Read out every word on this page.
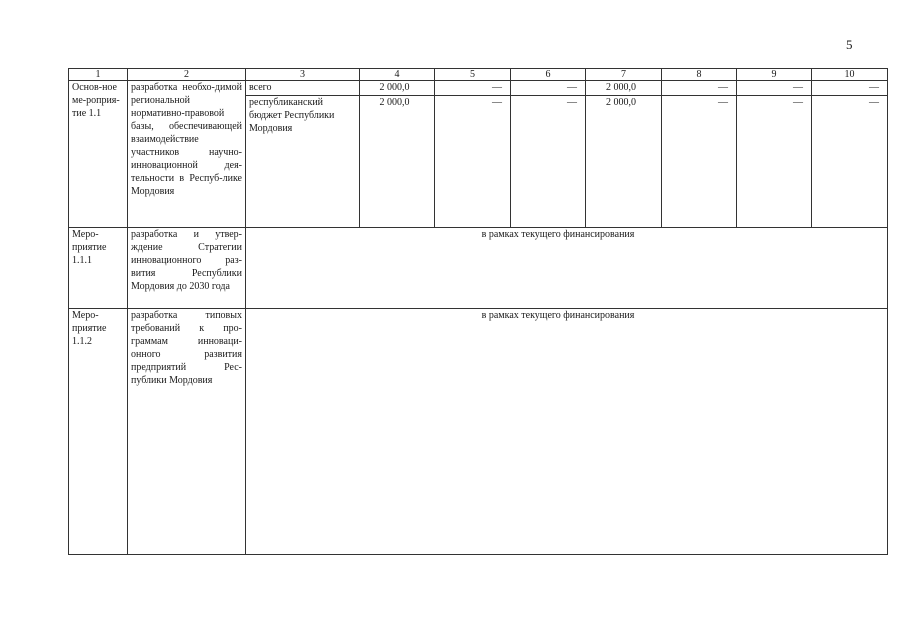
5
1	2	3	4	5	6	7	8	9	10
Основ-ное ме-роприя-тие 1.1	разработка необхо-димой региональной нормативно-правовой базы, обеспечивающей взаимодействие участников научно-инновационной дея-тельности в Респуб-лике Мордовия	всего	2 000,0	—	—	2 000,0	—	—	—
		республиканский бюджет Республики Мордовия	2 000,0	—	—	2 000,0	—	—	—
Меро-приятие 1.1.1	разработка и утвер-ждение Стратегии инновационного раз-вития Республики Мордовия до 2030 года	в рамках текущего финансирования							
Меро-приятие 1.1.2	разработка типовых требований к про-граммам инноваци-онного развития предприятий Рес-публики Мордовия	в рамках текущего финансирования							
